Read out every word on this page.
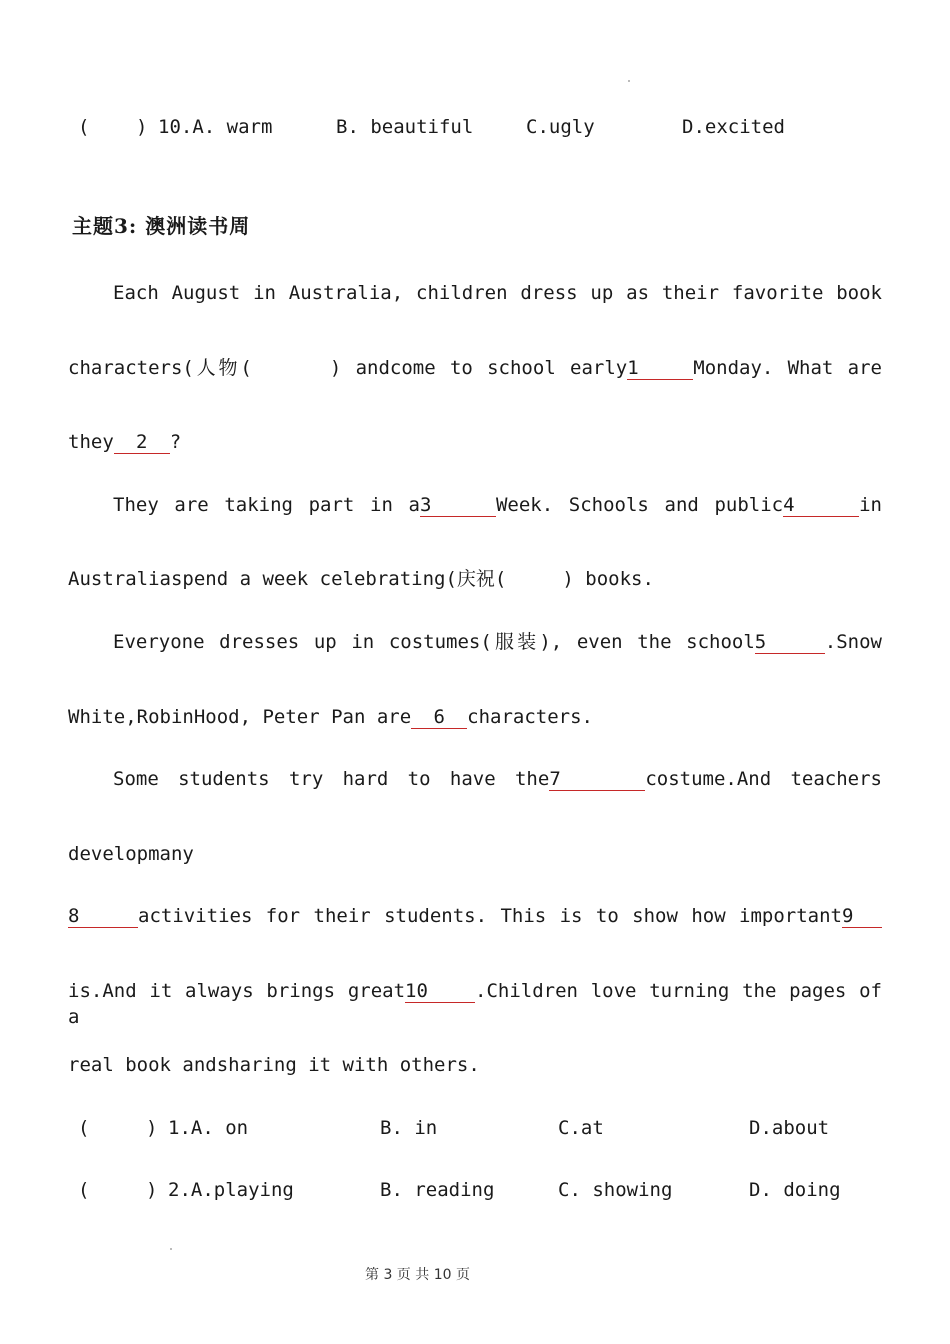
( ) 10.A. warm	B. beautiful	C.ugly	D.excited
主题3: 澳洲读书周
Each August in Australia, children dress up as their favorite book
characters(人物(	) andcome to school early1	Monday. What are
they 2 ?
They are taking part in a3	Week. Schools and public4	in
Australiaspend a week celebrating(庆祝(	) books.
Everyone dresses up in costumes(服装), even the school5	.Snow
White,RobinHood, Peter Pan are 6 characters.
Some students try hard to have the7	costume.And teachers
developmany
8	activities for their students. This is to show how important9
is.And it always brings great10 .Children love turning the pages of a
real book andsharing it with others.
(	) 1.A. on	B. in	C.at	D.about
(	) 2.A.playing	B. reading	C. showing	D. doing
第 3 页 共 10 页
